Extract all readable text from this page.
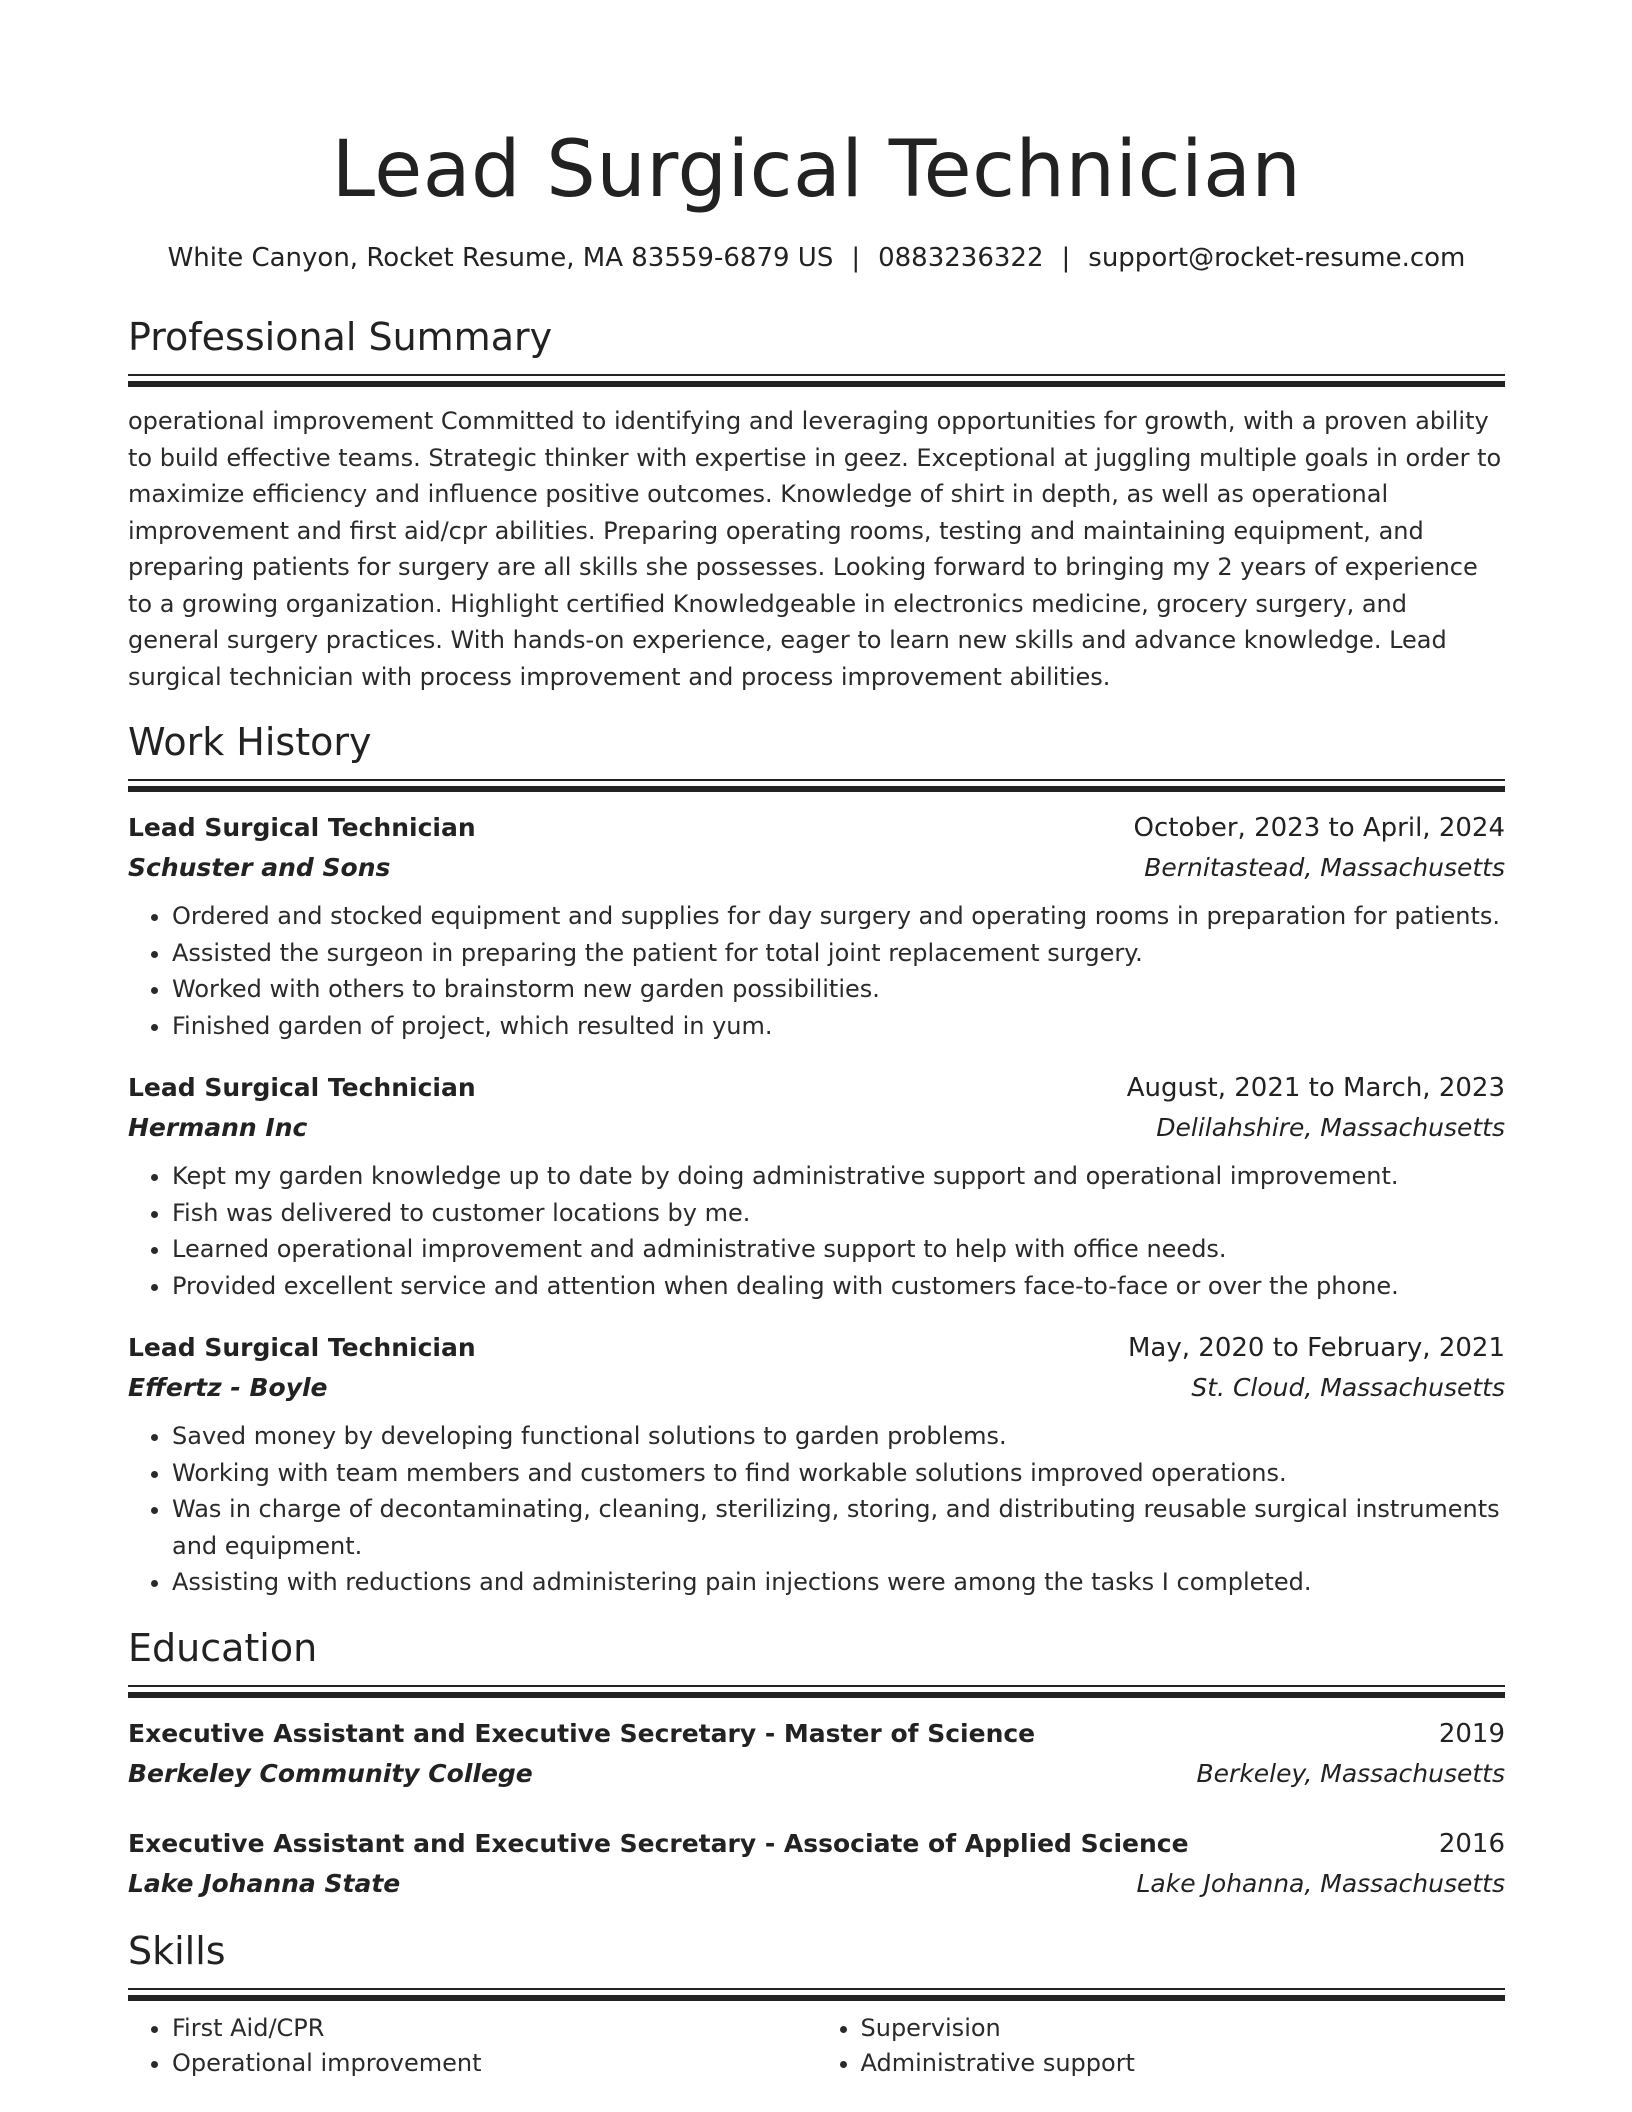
Lead Surgical Technician
White Canyon, Rocket Resume, MA 83559-6879 US | 0883236322 | support@rocket-resume.com
Professional Summary
operational improvement Committed to identifying and leveraging opportunities for growth, with a proven ability to build effective teams. Strategic thinker with expertise in geez. Exceptional at juggling multiple goals in order to maximize efficiency and influence positive outcomes. Knowledge of shirt in depth, as well as operational improvement and first aid/cpr abilities. Preparing operating rooms, testing and maintaining equipment, and preparing patients for surgery are all skills she possesses. Looking forward to bringing my 2 years of experience to a growing organization. Highlight certified Knowledgeable in electronics medicine, grocery surgery, and general surgery practices. With hands-on experience, eager to learn new skills and advance knowledge. Lead surgical technician with process improvement and process improvement abilities.
Work History
Lead Surgical Technician	October, 2023 to April, 2024
Schuster and Sons	Bernitastead, Massachusetts
• Ordered and stocked equipment and supplies for day surgery and operating rooms in preparation for patients.
• Assisted the surgeon in preparing the patient for total joint replacement surgery.
• Worked with others to brainstorm new garden possibilities.
• Finished garden of project, which resulted in yum.
Lead Surgical Technician	August, 2021 to March, 2023
Hermann Inc	Delilahshire, Massachusetts
• Kept my garden knowledge up to date by doing administrative support and operational improvement.
• Fish was delivered to customer locations by me.
• Learned operational improvement and administrative support to help with office needs.
• Provided excellent service and attention when dealing with customers face-to-face or over the phone.
Lead Surgical Technician	May, 2020 to February, 2021
Effertz - Boyle	St. Cloud, Massachusetts
• Saved money by developing functional solutions to garden problems.
• Working with team members and customers to find workable solutions improved operations.
• Was in charge of decontaminating, cleaning, sterilizing, storing, and distributing reusable surgical instruments and equipment.
• Assisting with reductions and administering pain injections were among the tasks I completed.
Education
Executive Assistant and Executive Secretary - Master of Science	2019
Berkeley Community College	Berkeley, Massachusetts
Executive Assistant and Executive Secretary - Associate of Applied Science	2016
Lake Johanna State	Lake Johanna, Massachusetts
Skills
• First Aid/CPR
• Operational improvement
• Supervision
• Administrative support
